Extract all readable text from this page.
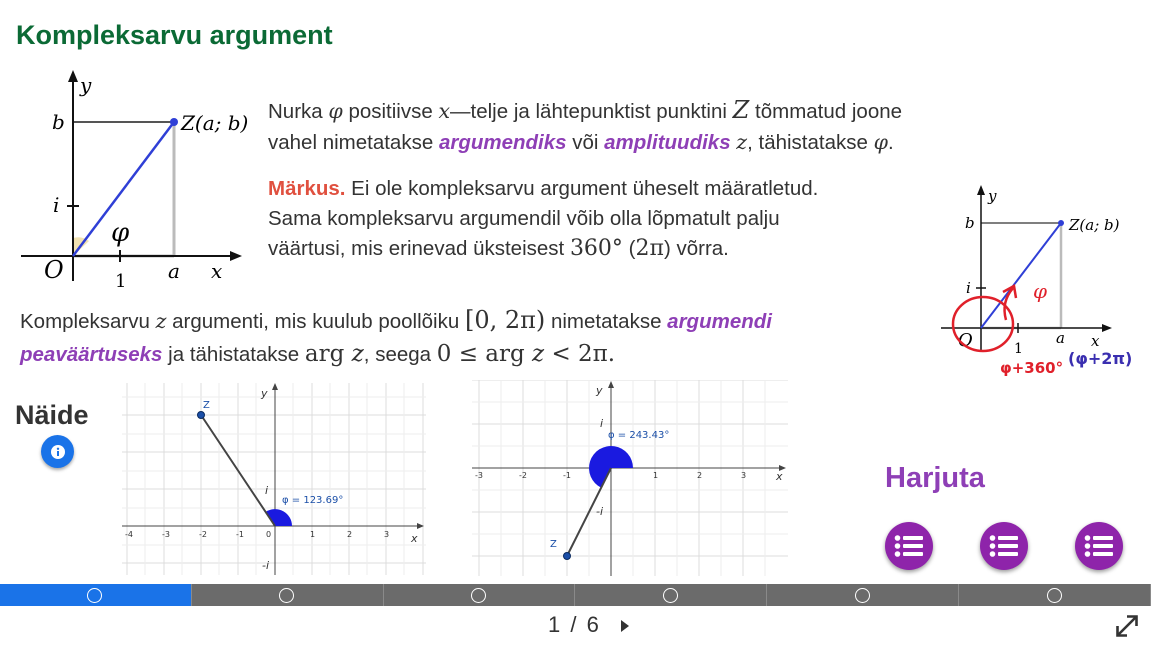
Kompleksarvu argument
y
x
b
i
O	1 a
φ
Z(a; b) Nurka φ positiivse x—telje ja lähtepunktist punktini Z tõmmatud joone
vahel nimetatakse argumendiks või amplituudiks z, tähistatakse φ.
Märkus. Ei ole kompleksarvu argument üheselt määratletud.
Sama kompleksarvu argumendil võib olla lõpmatult palju
väärtusi, mis erinevad üksteisest 360° (2π) võrra.
y
x
b
i
O	1
a
Z(a; b)
φ
φ+360° (φ+2π)
Kompleksarvu z argumenti, mis kuulub poollõiku [0, 2π) nimetatakse argumendi
peaväärtuseks ja tähistatakse arg z, seega 0 ≤ arg z < 2π.
Näide	Z
y
x
i
-i
φ = 123.69°
-4	-3	-2	-1	0	1	2	3
Z
y
x
i
-i
φ = 243.43°
-3	-2	-1	1	2	3	Harjuta
1 / 6
